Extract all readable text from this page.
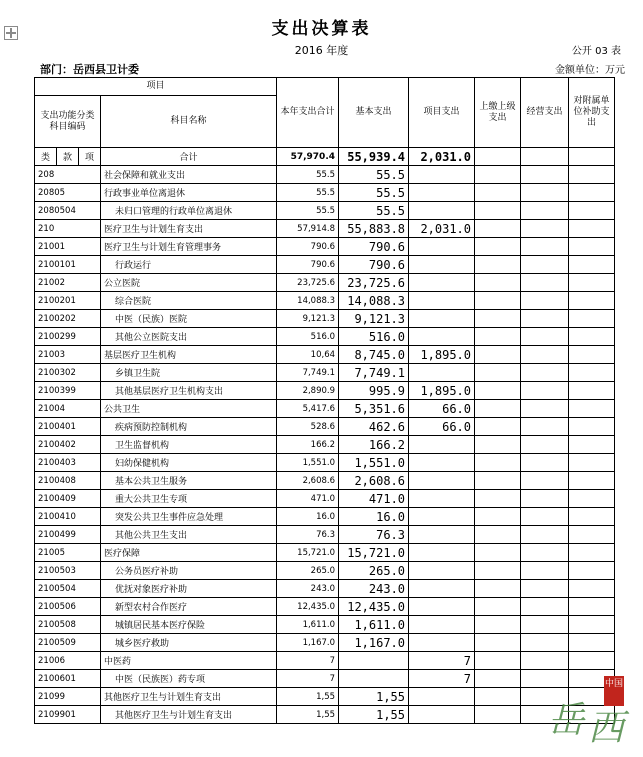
支出决算表
2016 年度	公开 03 表
部门：岳西县卫计委	金额单位：万元
项目				本年支出合计	基本支出	项目支出	上缴上级支出	经营支出	对附属单位补助支出
支出功能分类科目编码			科目名称						
类	款	项	合计	57,970.4	55,939.4	2,031.0			
208			社会保障和就业支出	55.5	55.5				
20805			行政事业单位离退休	55.5	55.5				
2080504			未归口管理的行政单位离退休	55.5	55.5				
210			医疗卫生与计划生育支出	57,914.8	55,883.8	2,031.0			
21001			医疗卫生与计划生育管理事务	790.6	790.6				
2100101			行政运行	790.6	790.6				
21002			公立医院	23,725.6	23,725.6				
2100201			综合医院	14,088.3	14,088.3				
2100202			中医（民族）医院	9,121.3	9,121.3				
2100299			其他公立医院支出	516.0	516.0				
21003			基层医疗卫生机构	10,64	8,745.0	1,895.0			
2100302			乡镇卫生院	7,749.1	7,749.1				
2100399			其他基层医疗卫生机构支出	2,890.9	995.9	1,895.0			
21004			公共卫生	5,417.6	5,351.6	66.0			
2100401			疾病预防控制机构	528.6	462.6	66.0			
2100402			卫生监督机构	166.2	166.2				
2100403			妇幼保健机构	1,551.0	1,551.0				
2100408			基本公共卫生服务	2,608.6	2,608.6				
2100409			重大公共卫生专项	471.0	471.0				
2100410			突发公共卫生事件应急处理	16.0	16.0				
2100499			其他公共卫生支出	76.3	76.3				
21005			医疗保障	15,721.0	15,721.0				
2100503			公务员医疗补助	265.0	265.0				
2100504			优抚对象医疗补助	243.0	243.0				
2100506			新型农村合作医疗	12,435.0	12,435.0				
2100508			城镇居民基本医疗保险	1,611.0	1,611.0				
2100509			城乡医疗救助	1,167.0	1,167.0				
21006			中医药	7		7			
2100601			中医（民族医）药专项	7		7			
21099			其他医疗卫生与计划生育支出	1,55	1,55				
2109901			其他医疗卫生与计划生育支出	1,55	1,55					岳 西
中国
